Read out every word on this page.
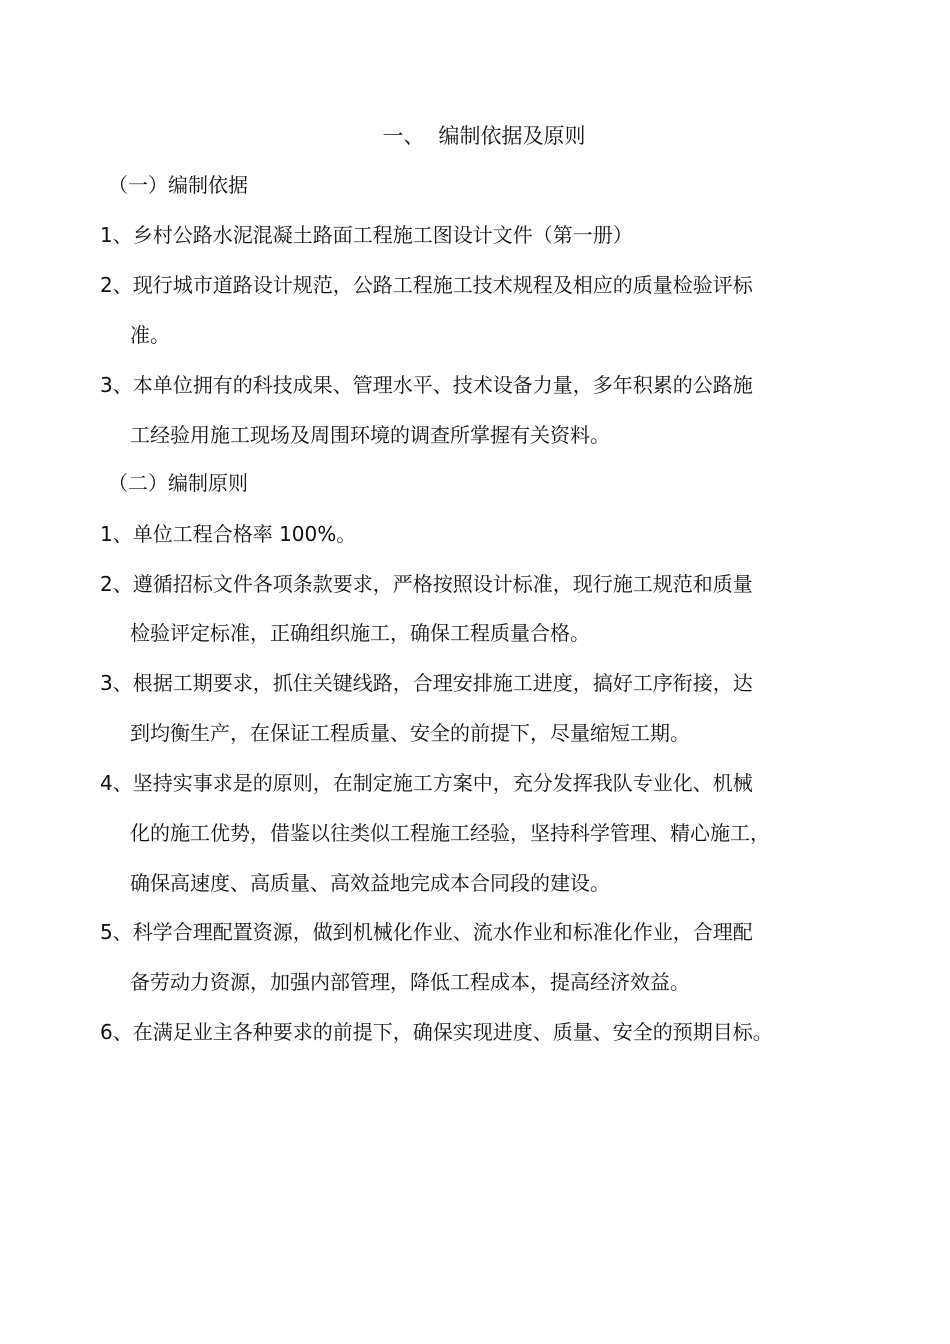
一、 编制依据及原则
（一）编制依据
1、乡村公路水泥混凝土路面工程施工图设计文件（第一册）
2、现行城市道路设计规范，公路工程施工技术规程及相应的质量检验评标
准。
3、本单位拥有的科技成果、管理水平、技术设备力量，多年积累的公路施
工经验用施工现场及周围环境的调查所掌握有关资料。
（二）编制原则
1、单位工程合格率 100%。
2、遵循招标文件各项条款要求，严格按照设计标准，现行施工规范和质量
检验评定标准，正确组织施工，确保工程质量合格。
3、根据工期要求，抓住关键线路，合理安排施工进度，搞好工序衔接，达
到均衡生产，在保证工程质量、安全的前提下，尽量缩短工期。
4、坚持实事求是的原则，在制定施工方案中，充分发挥我队专业化、机械
化的施工优势，借鉴以往类似工程施工经验，坚持科学管理、精心施工，
确保高速度、高质量、高效益地完成本合同段的建设。
5、科学合理配置资源，做到机械化作业、流水作业和标准化作业，合理配
备劳动力资源，加强内部管理，降低工程成本，提高经济效益。
6、在满足业主各种要求的前提下，确保实现进度、质量、安全的预期目标。
